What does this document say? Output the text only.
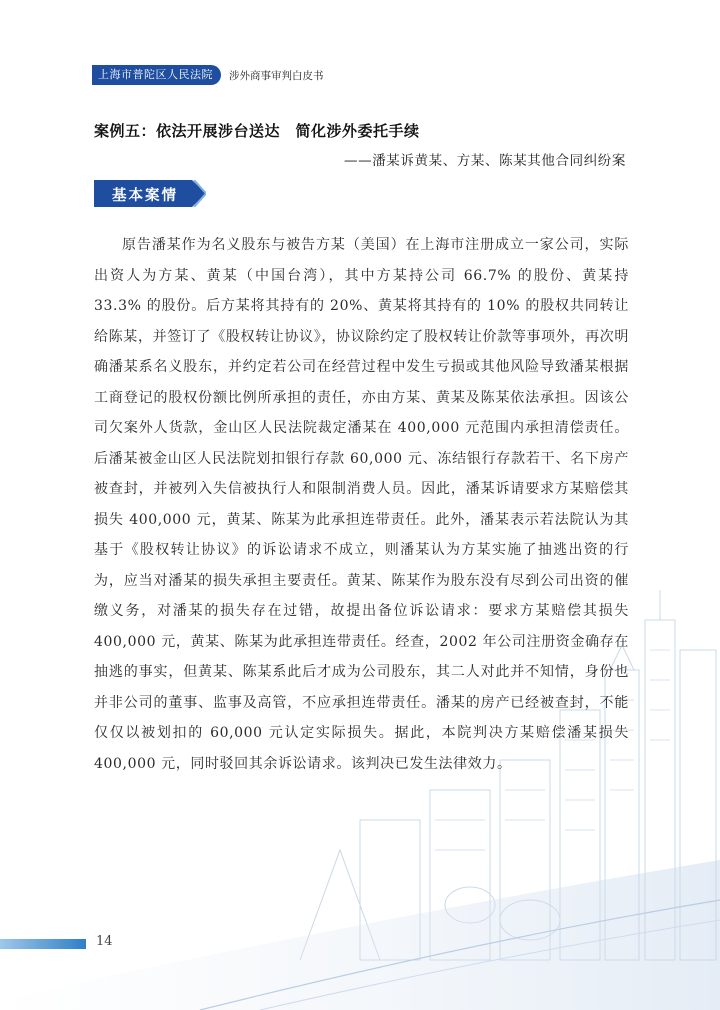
上海市普陀区人民法院	涉外商事审判白皮书
案例五：依法开展涉台送达　简化涉外委托手续
——潘某诉黄某、方某、陈某其他合同纠纷案
基本案情

原告潘某作为名义股东与被告方某（美国）在上海市注册成立一家公司，实际出资人为方某、黄某（中国台湾），其中方某持公司 66.7% 的股份、黄某持 33.3% 的股份。后方某将其持有的 20%、黄某将其持有的 10% 的股权共同转让给陈某，并签订了《股权转让协议》，协议除约定了股权转让价款等事项外，再次明确潘某系名义股东，并约定若公司在经营过程中发生亏损或其他风险导致潘某根据工商登记的股权份额比例所承担的责任，亦由方某、黄某及陈某依法承担。因该公司欠案外人货款，金山区人民法院裁定潘某在 400,000 元范围内承担清偿责任。后潘某被金山区人民法院划扣银行存款 60,000 元、冻结银行存款若干、名下房产被查封，并被列入失信被执行人和限制消费人员。因此，潘某诉请要求方某赔偿其损失 400,000 元，黄某、陈某为此承担连带责任。此外，潘某表示若法院认为其基于《股权转让协议》的诉讼请求不成立，则潘某认为方某实施了抽逃出资的行为，应当对潘某的损失承担主要责任。黄某、陈某作为股东没有尽到公司出资的催缴义务，对潘某的损失存在过错，故提出备位诉讼请求：要求方某赔偿其损失 400,000 元，黄某、陈某为此承担连带责任。经查，2002 年公司注册资金确存在抽逃的事实，但黄某、陈某系此后才成为公司股东，其二人对此并不知情，身份也并非公司的董事、监事及高管，不应承担连带责任。潘某的房产已经被查封，不能仅仅以被划扣的 60,000 元认定实际损失。据此，本院判决方某赔偿潘某损失 400,000 元，同时驳回其余诉讼请求。该判决已发生法律效力。

14
